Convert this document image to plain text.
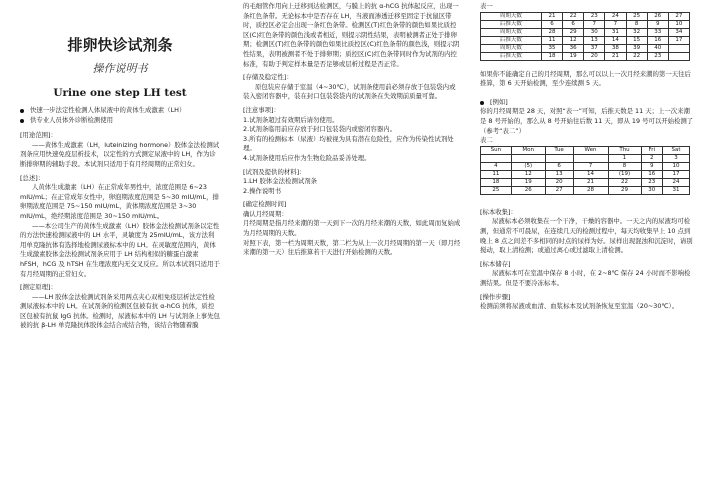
排卵快诊试剂条

操作说明书

Urine one step LH test

快速一步法定性检测人体尿液中的黄体生成激素（LH）
供专业人员体外诊断检测使用

[用途范围]：

——黄体生成激素（LH，luteinizing hormone）胶体金法检测试剂条应用快速免疫层析技术，以定性的方式测定尿液中的 LH，作为诊断排卵期的辅助手段。本试剂只适用于有月经周期的正常妇女。

[总述]：

人黄体生成激素（LH）在正常成年男性中，浓度范围是 6~23 mIU/mL；在正常成年女性中，卵泡期浓度范围是 5~30 mIU/mL，排卵期浓度范围是 75~150 mIU/mL，黄体期浓度范围是 3~30 mIU/mL，绝经期浓度范围是 30~150 mIU/mL。

——本公司生产的黄体生成激素（LH）胶体金法检测试剂条以定性的方法快速检测尿液中的 LH 水平，灵敏度为 25mIU/mL，该方法利用单克隆抗体有选择地检测尿液标本中的 LH。在灵敏度范围内，黄体生成激素胶体金法检测试剂条应用于 LH 结构相似的糖蛋白激素 hFSH，hCG 及 hTSH 在生理浓度内无交叉反应。所以本试剂只适用于有月经周期的正常妇女。

[测定原理]：

——LH 胶体金法检测试剂条采用两点夹心双相免疫层析法定性检测尿液标本中的 LH。在试剂条的检测区包被有抗 α-hCG 抗体，质控区包被有抗鼠 IgG 抗体。检测时，尿液标本中的 LH 与试剂条上事先包被的抗 β-LH 单克隆抗体胶体金结合成结合物，该结合物随着膜

的毛细管作用向上迁移到达检测区，与膜上的抗 α-hCG 抗体起反应，出现一条红色条带。无论标本中是否存在 LH，当液面渗透迁移至固定于抗鼠区带时，质控区必定会出现一条红色条带。检测区(T)红色条带的颜色如果比质控区(C)红色条带的颜色浅或者相近，则提示阴性结果，表明被测者正处于排卵期；检测区(T)红色条带的颜色如果比质控区(C)红色条带的颜色浅，则提示阴性结果，表明被测者不处于排卵期；质控区(C)红色条带同时作为试剂的内控标准，有助于判定样本量是否足够或层析过程是否正常。

[存储及稳定性]：

原包装应存储于室温（4~30℃），试剂条使用前必须存放于包装袋内或装入密闭容器中，装在封口包装袋袋内的试剂条在失效期前质量可靠。

[注意事项]：

1.试剂条超过有效期后请勿使用。

2.试剂条临用前应存放于封口包装袋内或密闭容器内。

3.所有的检测标本（尿液）均被视为具有潜在危险性，应作为传染性试剂处理。

4.试剂条使用后应作为生物危险品妥善处理。

[试剂及提供的材料]：

1.LH 胶体金法检测试剂条

2.操作说明书

[确定检测时间]

确认月经周期：

月经周期是指月经来潮的第一天到下一次的月经来潮的天数，如此周而复始成为月经周期的天数。

对照下表，第一栏为周期天数，第二栏为从上一次月经周期的第一天（即月经来潮的第一天）往后推算若干天进行开始检测的天数。

表一

周期天数	21	22	23	24	25	26	27
后推天数	6	6	7	7	8	9	10
周期天数	28	29	30	31	32	33	34
后推天数	11	12	13	14	15	16	17
周期天数	35	36	37	38	39	40	
后推天数	18	19	20	21	22	23	

如果你不能确定自己的月经周期，那么可以以上一次月经来潮的第一天往后推算，第 6 天开始检测，至少连续测 5 天。

[例如]

你的月经周期是 28 天，对照“表一”可知，后推天数是 11 天；上一次来潮是 8 号开始的，那么从 8 号开始往后数 11 天，即从 19 号可以开始检测了（参考“表二”）

表二

Sun	Mon	Tue	Wen	Thu	Fri	Sat
				1	2	3
4	(5)	6	7	8	9	10
11	12	13	14	(19)	16	17
18	19	20	21	22	23	24
25	26	27	28	29	30	31

[标本收集]：

尿液标本必须收集在一个干净，干燥的容器中。一天之内的尿液均可检测，但通常不可晨尿，在连续几天的检测过程中，每天均收集早上 10 点到晚上 8 点之间差不多相同的时点的尿样为好。尿样出现混浊和沉淀时，请别搅动，取上清检测；或通过离心或过滤取上清检测。

[标本储存]

尿液标本可在室温中保存 8 小时，在 2~8℃ 保存 24 小时而不影响检测结果。但是不要冷冻标本。

[操作步骤]

检测前须将尿液或血清、血浆标本及试剂条恢复至室温（20~30℃）。
